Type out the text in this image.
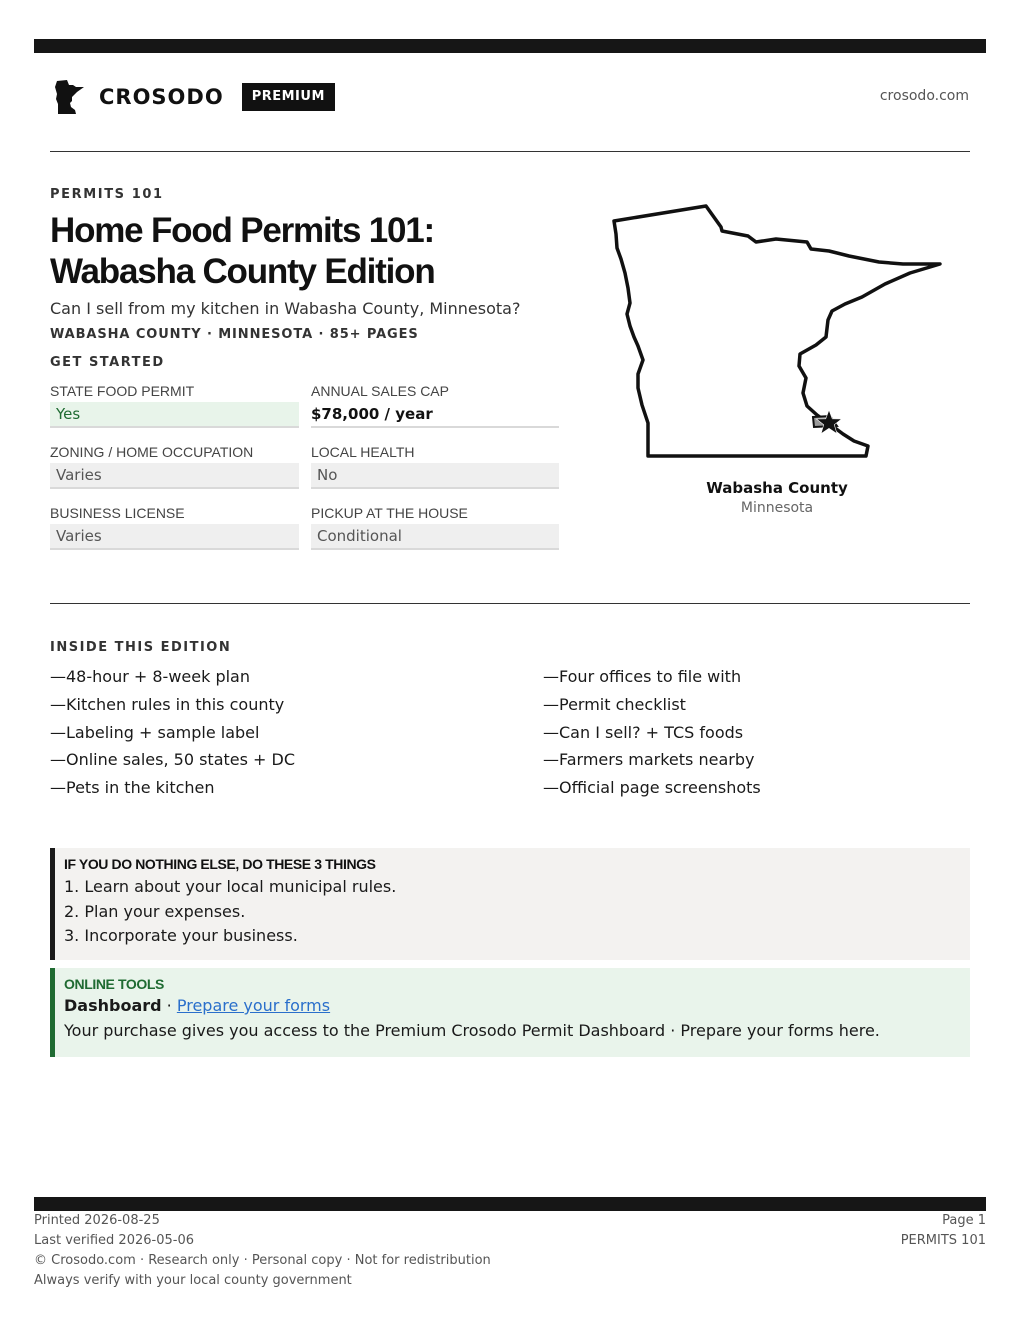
CROSODO	PREMIUM	crosodo.com
PERMITS 101
Home Food Permits 101:
Wabasha County Edition
Can I sell from my kitchen in Wabasha County, Minnesota?
WABASHA COUNTY · MINNESOTA · 85+ PAGES
GET STARTED
STATE FOOD PERMIT
Yes
ANNUAL SALES CAP
$78,000 / year
ZONING / HOME OCCUPATION
Varies
LOCAL HEALTH
No
BUSINESS LICENSE
Varies
PICKUP AT THE HOUSE
Conditional
Wabasha County
Minnesota
INSIDE THIS EDITION
—48-hour + 8-week plan	—Four offices to file with
—Kitchen rules in this county	—Permit checklist
—Labeling + sample label	—Can I sell? + TCS foods
—Online sales, 50 states + DC	—Farmers markets nearby
—Pets in the kitchen	—Official page screenshots
IF YOU DO NOTHING ELSE, DO THESE 3 THINGS
1. Learn about your local municipal rules.
2. Plan your expenses.
3. Incorporate your business.
ONLINE TOOLS
Dashboard · Prepare your forms
Your purchase gives you access to the Premium Crosodo Permit Dashboard · Prepare your forms here.
Printed 2026-08-25
Last verified 2026-05-06
© Crosodo.com · Research only · Personal copy · Not for redistribution
Always verify with your local county government
Page 1
PERMITS 101
